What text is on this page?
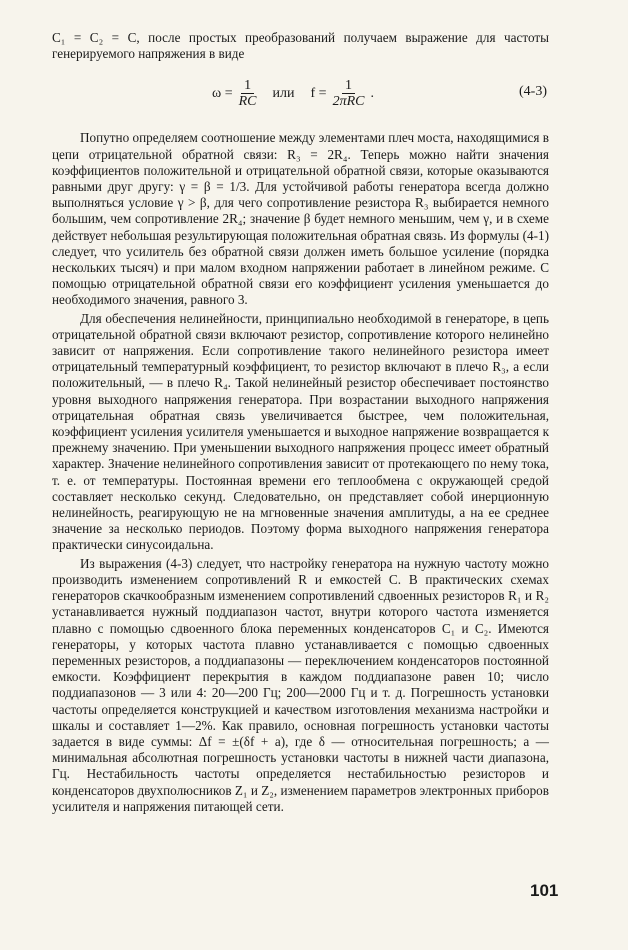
C₁ = C₂ = C, после простых преобразований получаем выражение для частоты генерируемого напряжения в виде

$\omega = \frac{1}{RC}$ или $f = \frac{1}{\text{2πRC}}$ .	(4-3)

Попутно определяем соотношение между элементами плеч моста, находящимися в цепи отрицательной обратной связи: R₃ = 2R₄. Теперь можно найти значения коэффициентов положительной и отрицательной обратной связи, которые оказываются равными друг другу: γ = β = 1/3. Для устойчивой работы генератора всегда должно выполняться условие γ > β, для чего сопротивление резистора R₃ выбирается немного большим, чем сопротивление 2R₄; значение β будет немного меньшим, чем γ, и в схеме действует небольшая результирующая положительная обратная связь. Из формулы (4-1) следует, что усилитель без обратной связи должен иметь большое усиление (порядка нескольких тысяч) и при малом входном напряжении работает в линейном режиме. С помощью отрицательной обратной связи его коэффициент усиления уменьшается до необходимого значения, равного 3.

Для обеспечения нелинейности, принципиально необходимой в генераторе, в цепь отрицательной обратной связи включают резистор, сопротивление которого нелинейно зависит от напряжения. Если сопротивление такого нелинейного резистора имеет отрицательный температурный коэффициент, то резистор включают в плечо R₃, а если положительный, — в плечо R₄. Такой нелинейный резистор обеспечивает постоянство уровня выходного напряжения генератора. При возрастании выходного напряжения отрицательная обратная связь увеличивается быстрее, чем положительная, коэффициент усиления усилителя уменьшается и выходное напряжение возвращается к прежнему значению. При уменьшении выходного напряжения процесс имеет обратный характер. Значение нелинейного сопротивления зависит от протекающего по нему тока, т. е. от температуры. Постоянная времени его теплообмена с окружающей средой составляет несколько секунд. Следовательно, он представляет собой инерционную нелинейность, реагирующую не на мгновенные значения амплитуды, а на ее среднее значение за несколько периодов. Поэтому форма выходного напряжения генератора практически синусоидальна.

Из выражения (4-3) следует, что настройку генератора на нужную частоту можно производить изменением сопротивлений R и емкостей C. В практических схемах генераторов скачкообразным изменением сопротивлений сдвоенных резисторов R₁ и R₂ устанавливается нужный поддиапазон частот, внутри которого частота изменяется плавно с помощью сдвоенного блока переменных конденсаторов C₁ и C₂. Имеются генераторы, у которых частота плавно устанавливается с помощью сдвоенных переменных резисторов, а поддиапазоны — переключением конденсаторов постоянной емкости. Коэффициент перекрытия в каждом поддиапазоне равен 10; число поддиапазонов — 3 или 4: 20—200 Гц; 200—2000 Гц и т. д. Погрешность установки частоты определяется конструкцией и качеством изготовления механизма настройки и шкалы и составляет 1—2%. Как правило, основная погрешность установки частоты задается в виде суммы: Δf = ±(δf + a), где δ — относительная погрешность; a — минимальная абсолютная погрешность установки частоты в нижней части диапазона, Гц. Нестабильность частоты определяется нестабильностью резисторов и конденсаторов двухполюсников Z₁ и Z₂, изменением параметров электронных приборов усилителя и напряжения питающей сети.

101
